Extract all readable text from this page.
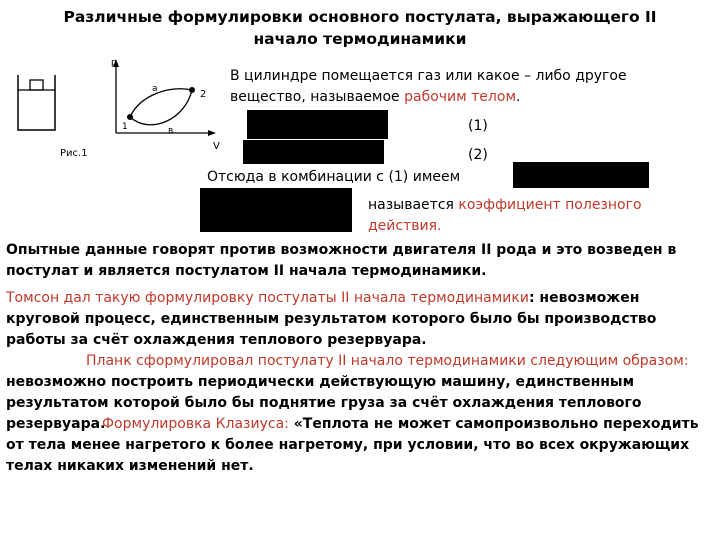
Различные формулировки основного постулата, выражающего II начало термодинамики
p
V
1
2
a
в
Рис.1
В цилиндре помещается газ или какое – либо другое вещество, называемое рабочим телом.
(1)
(2)
Отсюда в комбинации с (1) имеем
называется коэффициент полезного
действия.
Опытные данные говорят против возможности двигателя II рода и это возведен в постулат и является постулатом II начала термодинамики.
Томсон дал такую формулировку постулаты II начала термодинамики: невозможен круговой процесс, единственным результатом которого было бы производство работы за счёт охлаждения теплового резервуара.
Планк сформулировал постулату II начало термодинамики следующим образом: невозможно построить периодически действующую машину, единственным результатом которой было бы поднятие груза за счёт охлаждения теплового резервуара.
Формулировка Клазиуса: «Теплота не может самопроизвольно переходить от тела менее нагретого к более нагретому, при условии, что во всех окружающих телах никаких изменений нет.
